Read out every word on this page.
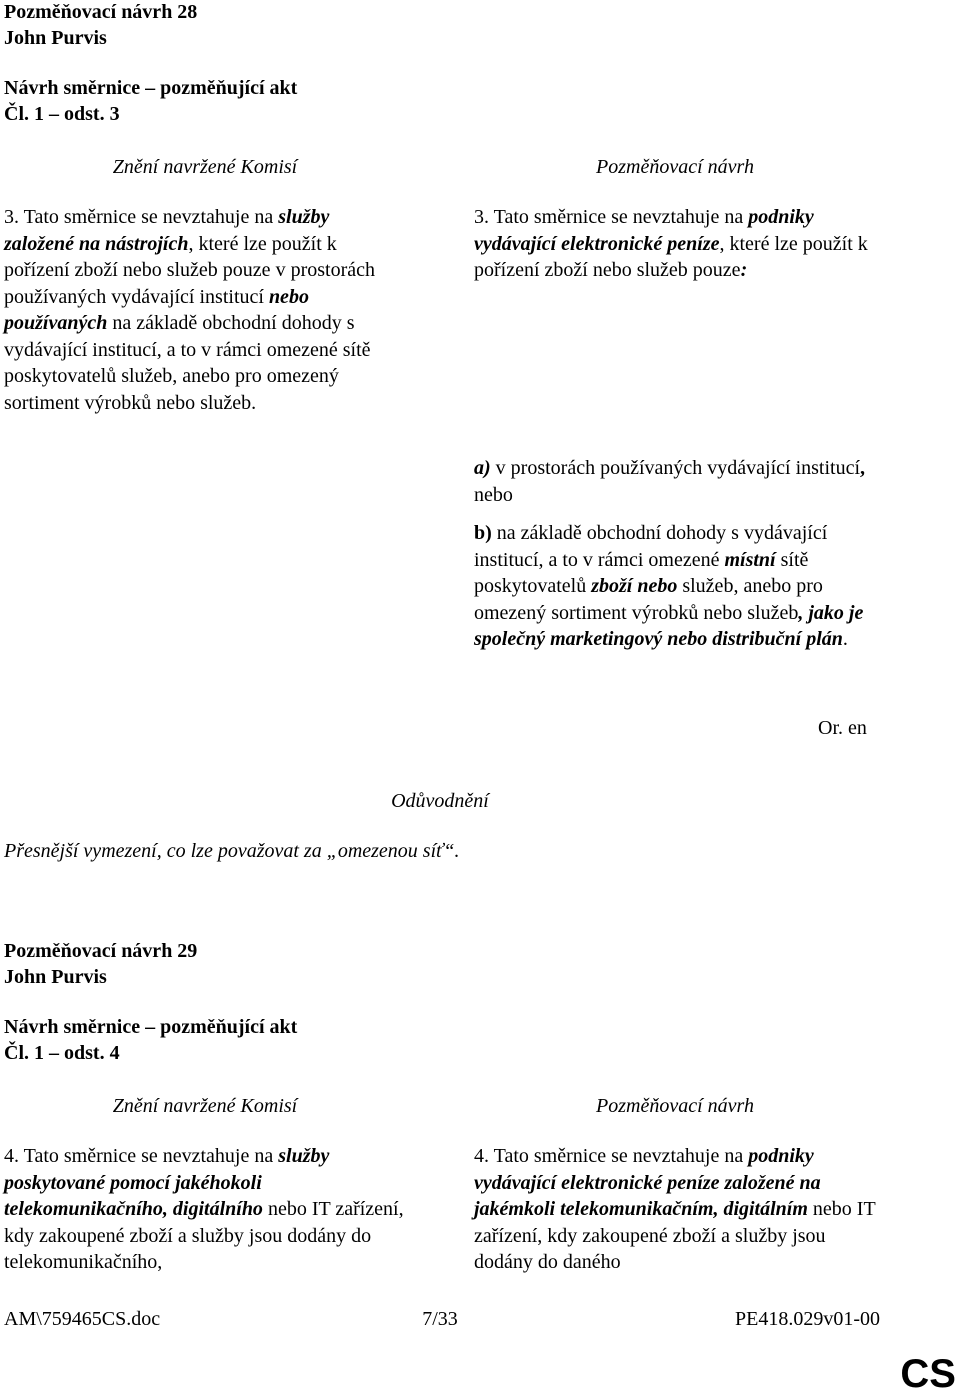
Pozměňovací návrh 28
John Purvis
Návrh směrnice – pozměňující akt
Čl. 1 – odst. 3
Znění navržené Komisí	Pozměňovací návrh

3. Tato směrnice se nevztahuje na služby založené na nástrojích, které lze použít k pořízení zboží nebo služeb pouze v prostorách používaných vydávající institucí nebo používaných na základě obchodní dohody s vydávající institucí, a to v rámci omezené sítě poskytovatelů služeb, anebo pro omezený sortiment výrobků nebo služeb.

3. Tato směrnice se nevztahuje na podniky vydávající elektronické peníze, které lze použít k pořízení zboží nebo služeb pouze:

a) v prostorách používaných vydávající institucí, nebo

b) na základě obchodní dohody s vydávající institucí, a to v rámci omezené místní sítě poskytovatelů zboží nebo služeb, anebo pro omezený sortiment výrobků nebo služeb, jako je společný marketingový nebo distribuční plán.

Or. en
Odůvodnění
Přesnější vymezení, co lze považovat za „omezenou síť“.
Pozměňovací návrh 29
John Purvis
Návrh směrnice – pozměňující akt
Čl. 1 – odst. 4
Znění navržené Komisí	Pozměňovací návrh

4. Tato směrnice se nevztahuje na služby poskytované pomocí jakéhokoli telekomunikačního, digitálního nebo IT zařízení, kdy zakoupené zboží a služby jsou dodány do telekomunikačního,

4. Tato směrnice se nevztahuje na podniky vydávající elektronické peníze založené na jakémkoli telekomunikačním, digitálním nebo IT zařízení, kdy zakoupené zboží a služby jsou dodány do daného

AM\759465CS.doc	7/33	PE418.029v01-00
CS
